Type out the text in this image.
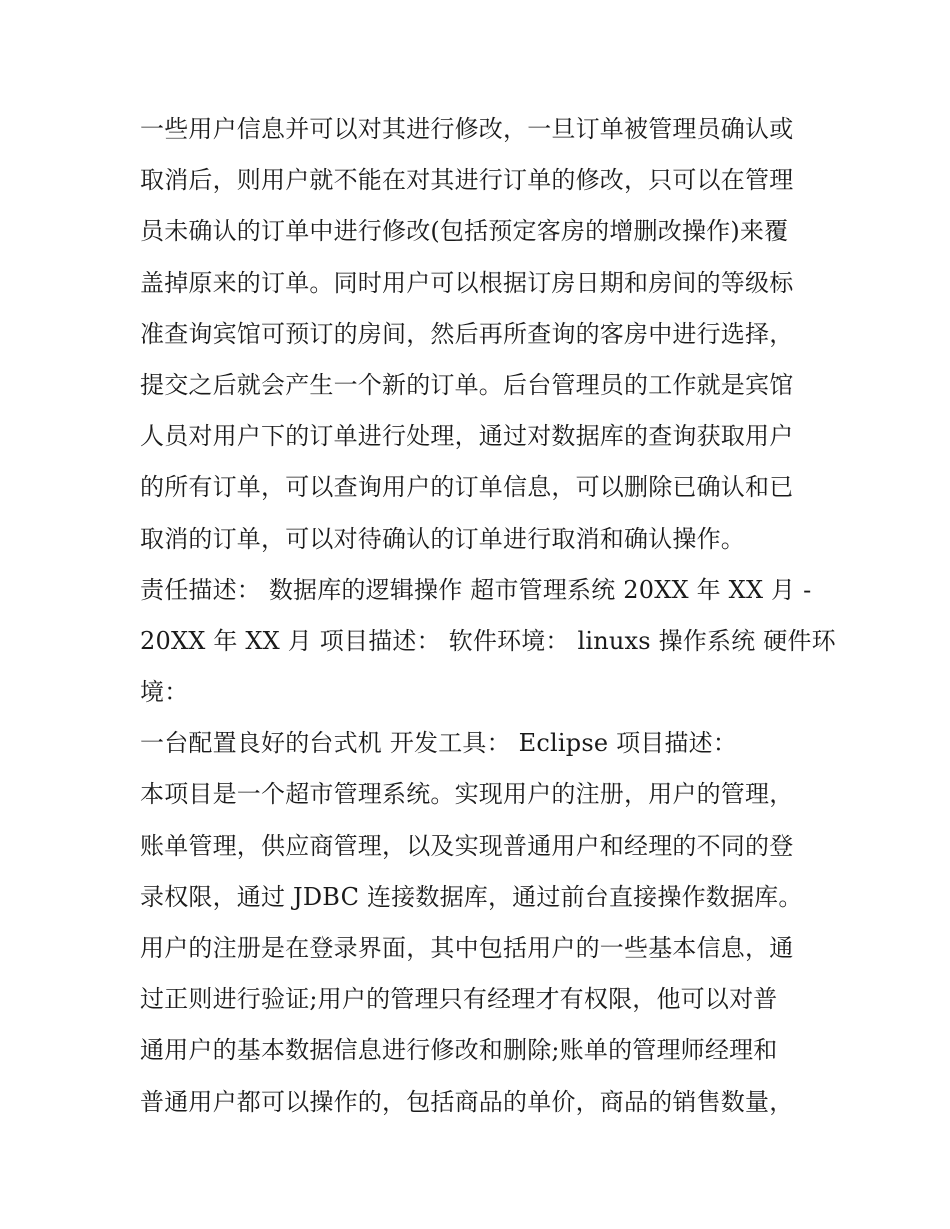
一些用户信息并可以对其进行修改，一旦订单被管理员确认或
取消后，则用户就不能在对其进行订单的修改，只可以在管理
员未确认的订单中进行修改(包括预定客房的增删改操作)来覆
盖掉原来的订单。同时用户可以根据订房日期和房间的等级标
准查询宾馆可预订的房间，然后再所查询的客房中进行选择，
提交之后就会产生一个新的订单。后台管理员的工作就是宾馆
人员对用户下的订单进行处理，通过对数据库的查询获取用户
的所有订单，可以查询用户的订单信息，可以删除已确认和已
取消的订单，可以对待确认的订单进行取消和确认操作。
责任描述： 数据库的逻辑操作 超市管理系统 20XX 年 XX 月 -
20XX 年 XX 月 项目描述： 软件环境： linuxs 操作系统 硬件环
境：
一台配置良好的台式机 开发工具： Eclipse 项目描述：
本项目是一个超市管理系统。实现用户的注册，用户的管理，
账单管理，供应商管理，以及实现普通用户和经理的不同的登
录权限，通过 JDBC 连接数据库，通过前台直接操作数据库。
用户的注册是在登录界面，其中包括用户的一些基本信息，通
过正则进行验证;用户的管理只有经理才有权限，他可以对普
通用户的基本数据信息进行修改和删除;账单的管理师经理和
普通用户都可以操作的，包括商品的单价，商品的销售数量，
